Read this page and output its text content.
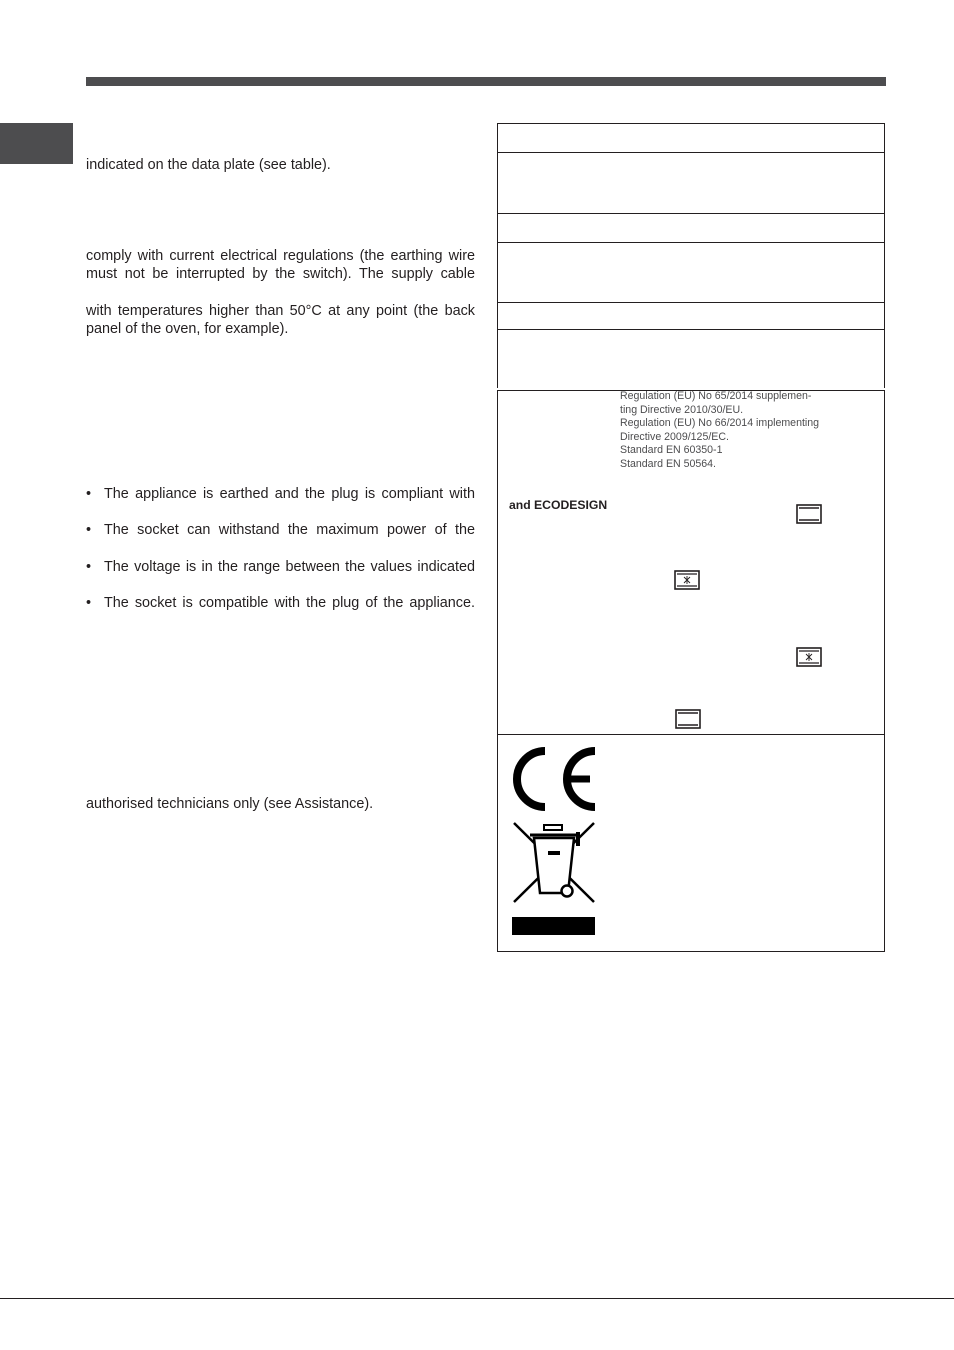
indicated on the data plate (see table).
comply with current electrical regulations (the earthing wire
must not be interrupted by the switch). The supply cable
with temperatures higher than 50°C at any point (the back
panel of the oven, for example).
• The appliance is earthed and the plug is compliant with
• The socket can withstand the maximum power of the
• The voltage is in the range between the values indicated
• The socket is compatible with the plug of the appliance.
authorised technicians only (see Assistance).
Regulation (EU) No 65/2014 supplemen-
ting Directive 2010/30/EU.
Regulation (EU) No 66/2014 implementing
Directive 2009/125/EC.
Standard EN 60350-1
Standard EN 50564.
and ECODESIGN
